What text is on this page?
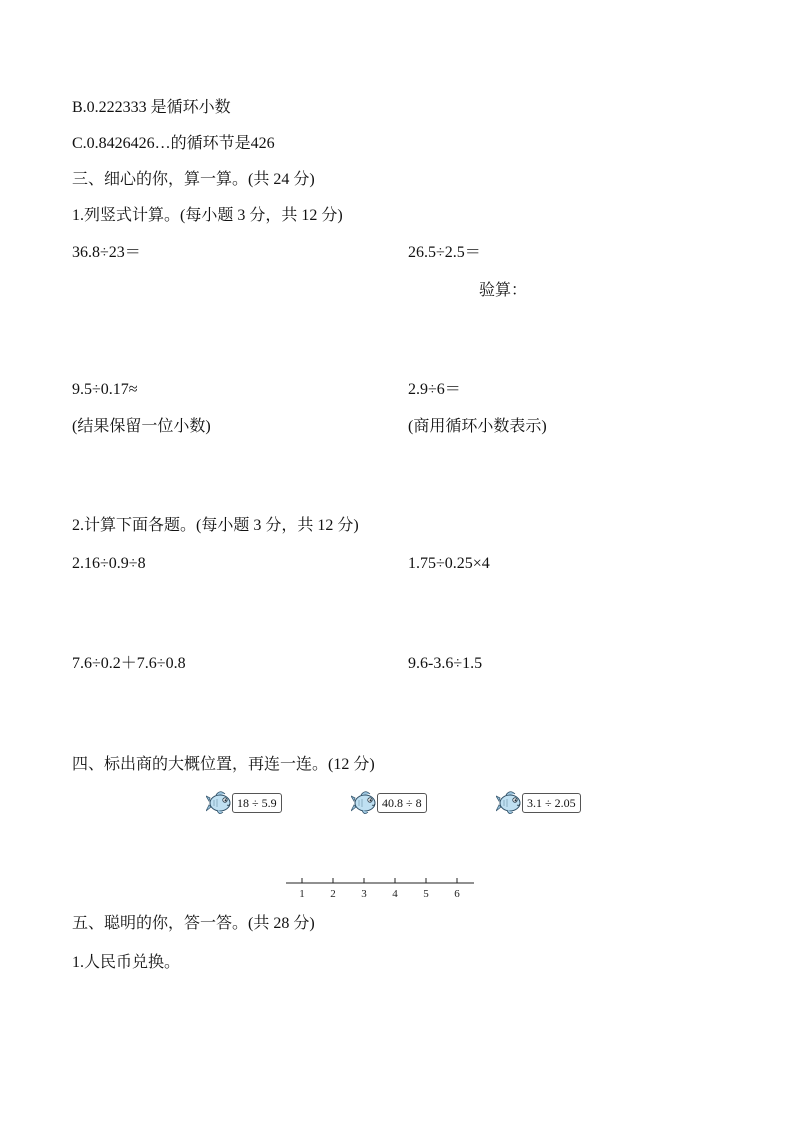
B.0.222333 是循环小数
C.0.8426426…的循环节是426
三、细心的你，算一算。(共 24 分)
1.列竖式计算。(每小题 3 分，共 12 分)
36.8÷23＝	26.5÷2.5＝
验算：
9.5÷0.17≈	2.9÷6＝
(结果保留一位小数)	(商用循环小数表示)
2.计算下面各题。(每小题 3 分，共 12 分)
2.16÷0.9÷8	1.75÷0.25×4
7.6÷0.2＋7.6÷0.8	9.6-3.6÷1.5
四、标出商的大概位置，再连一连。(12 分)
18 ÷ 5.9	40.8 ÷ 8	3.1 ÷ 2.05
1 2 3 4 5 6
五、聪明的你，答一答。(共 28 分)
1.人民币兑换。
